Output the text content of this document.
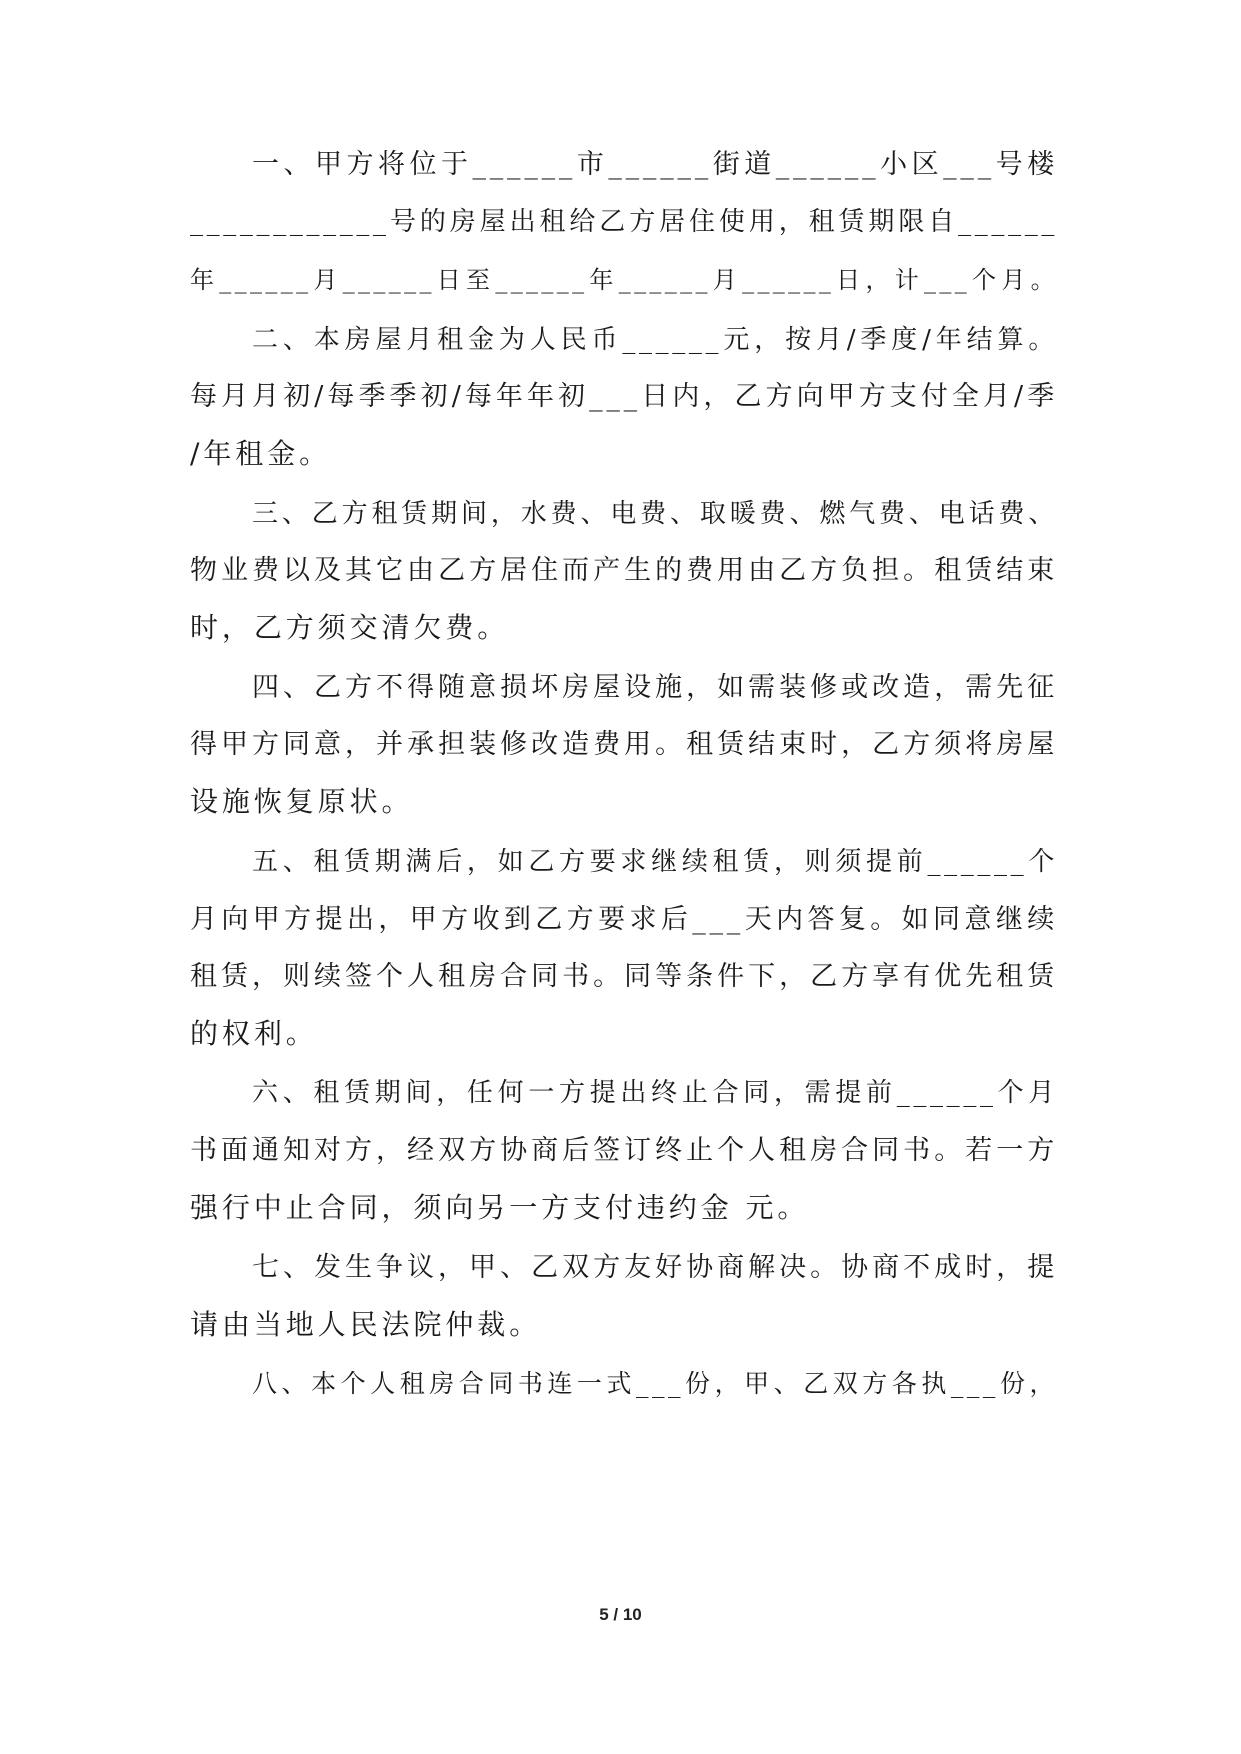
一、甲方将位于______市______街道______小区___号楼
____________号的房屋出租给乙方居住使用，租赁期限自______
年______月______日至______年______月______日，计___个月。
二、本房屋月租金为人民币______元，按月/季度/年结算。
每月月初/每季季初/每年年初___日内，乙方向甲方支付全月/季
/年租金。
三、乙方租赁期间，水费、电费、取暖费、燃气费、电话费、
物业费以及其它由乙方居住而产生的费用由乙方负担。租赁结束
时，乙方须交清欠费。
四、乙方不得随意损坏房屋设施，如需装修或改造，需先征
得甲方同意，并承担装修改造费用。租赁结束时，乙方须将房屋
设施恢复原状。
五、租赁期满后，如乙方要求继续租赁，则须提前______个
月向甲方提出，甲方收到乙方要求后___天内答复。如同意继续
租赁，则续签个人租房合同书。同等条件下，乙方享有优先租赁
的权利。
六、租赁期间，任何一方提出终止合同，需提前______个月
书面通知对方，经双方协商后签订终止个人租房合同书。若一方
强行中止合同，须向另一方支付违约金 元。
七、发生争议，甲、乙双方友好协商解决。协商不成时，提
请由当地人民法院仲裁。
八、本个人租房合同书连一式___份，甲、乙双方各执___份，
5 / 10
